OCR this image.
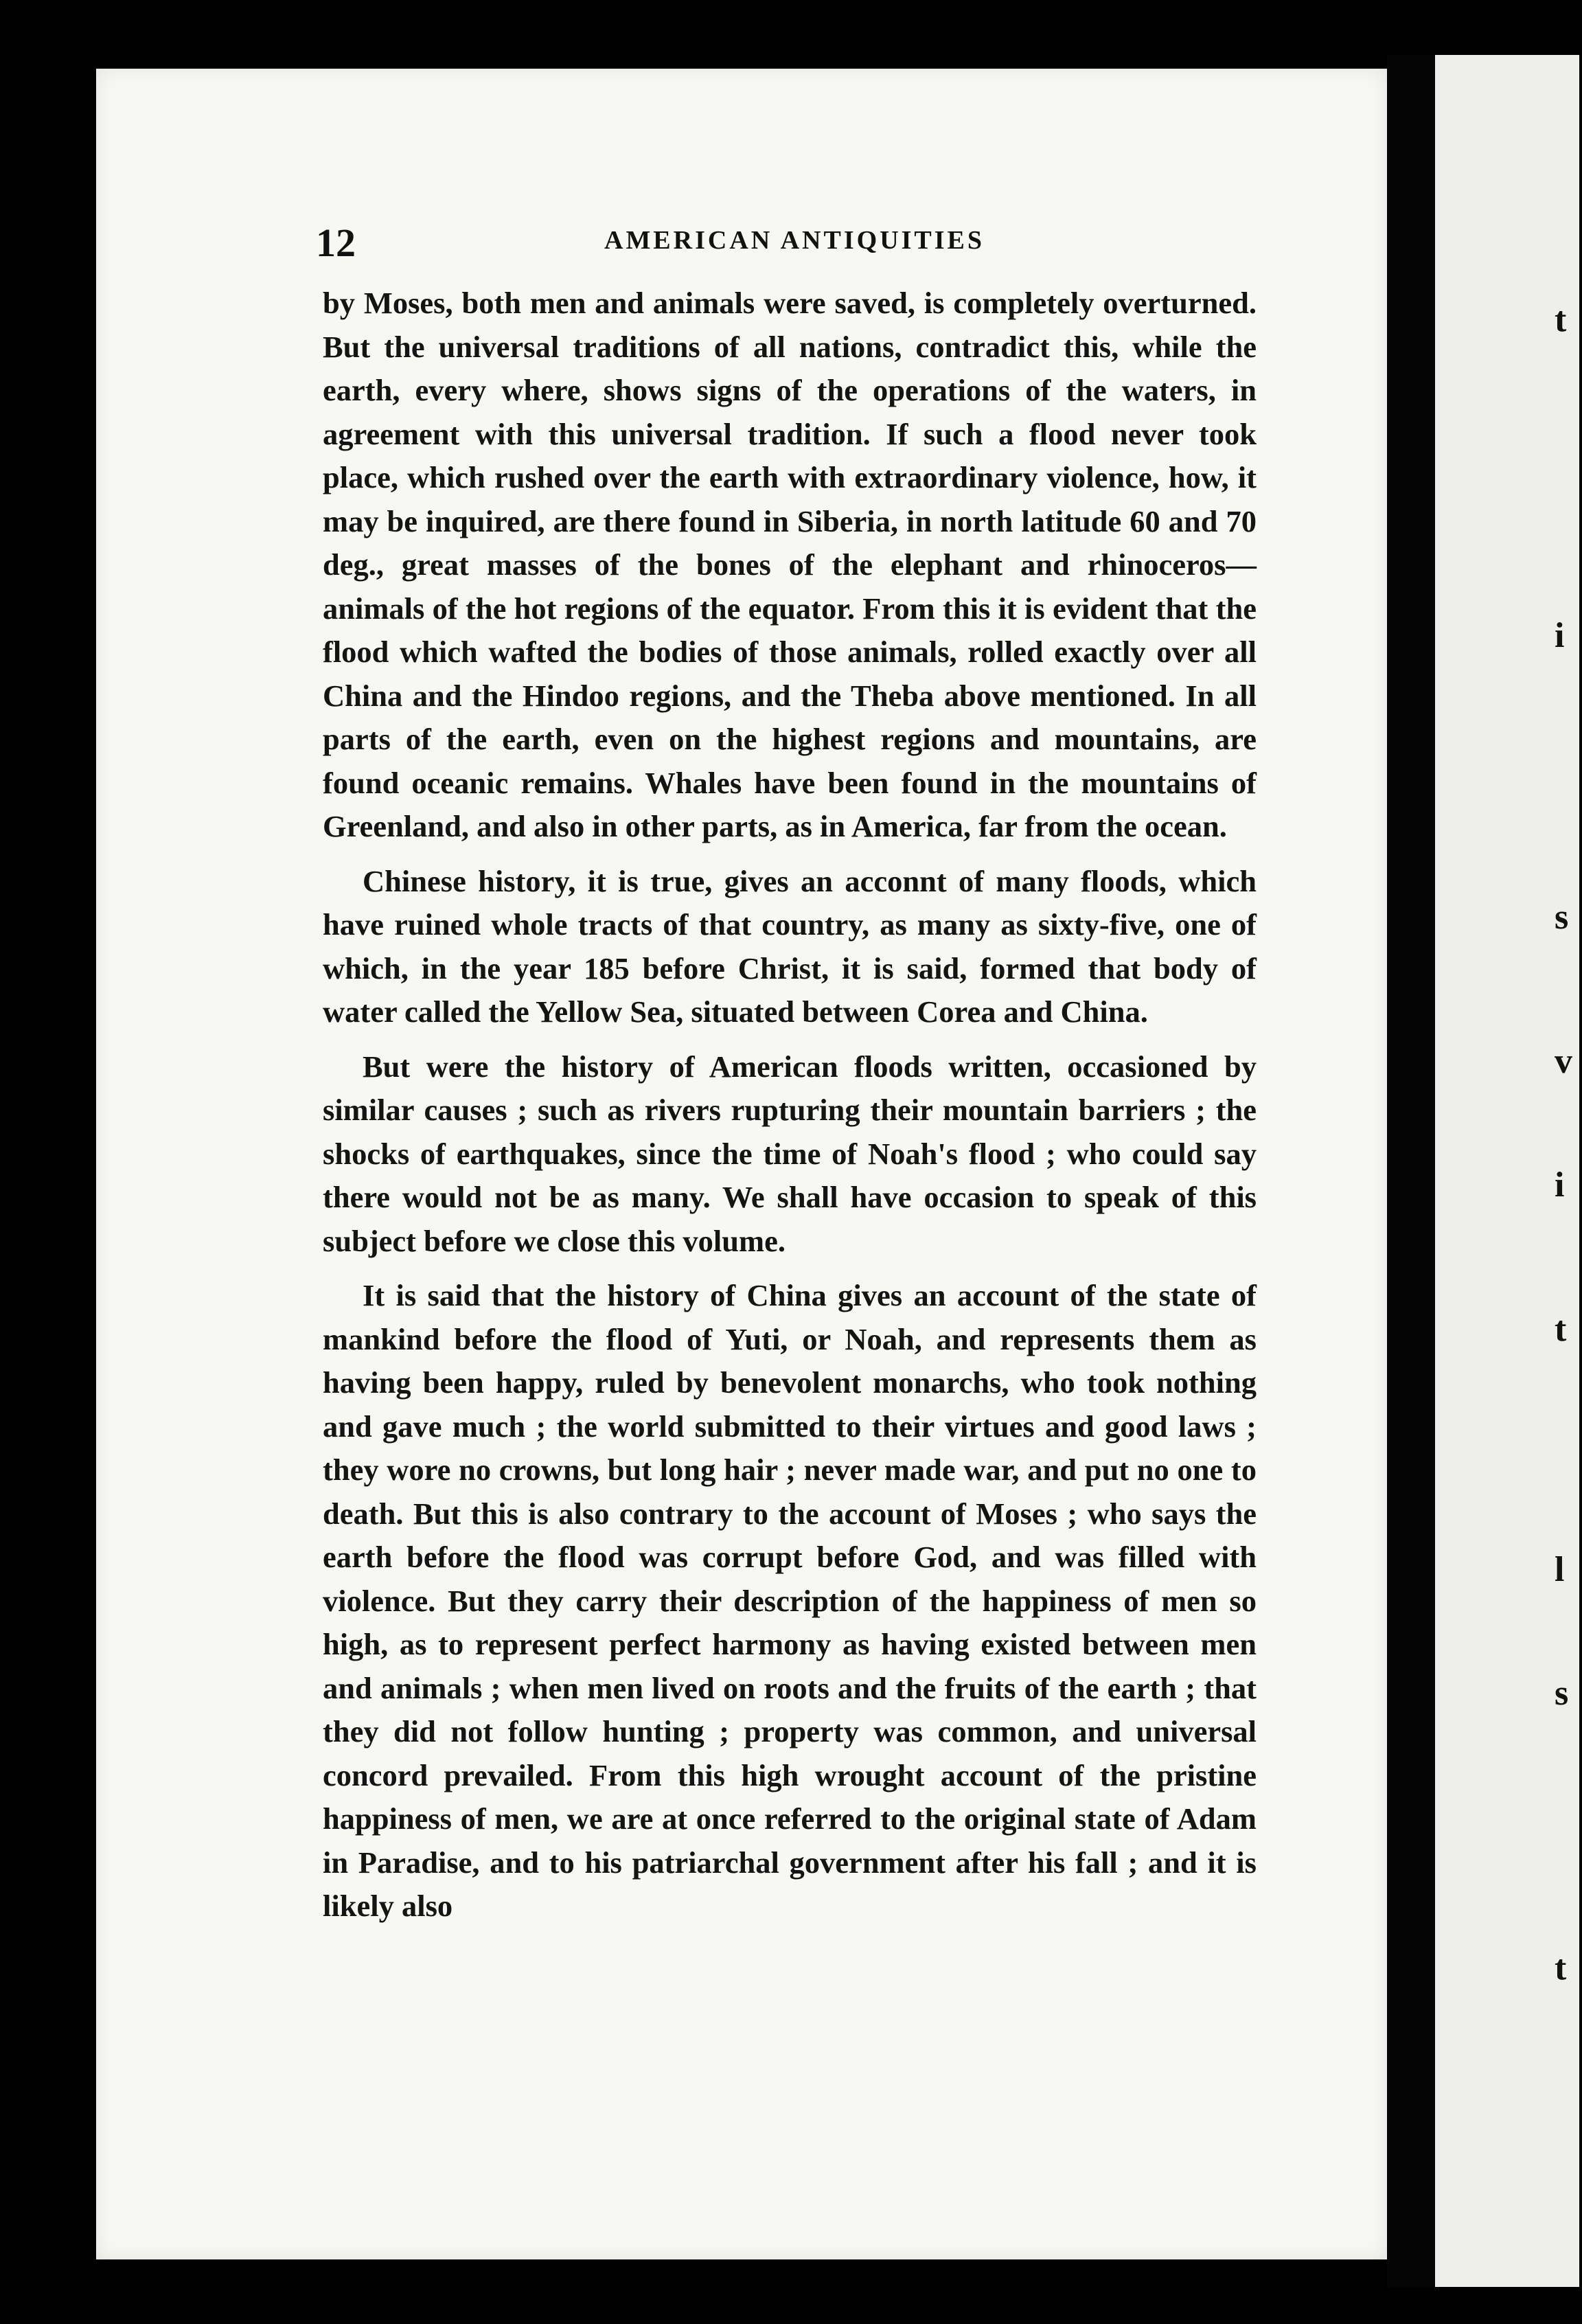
t
i
s
v
i
t
l
s
t
12	AMERICAN ANTIQUITIES

by Moses, both men and animals were saved, is completely overturned. But the universal traditions of all nations, contradict this, while the earth, every where, shows signs of the operations of the waters, in agreement with this universal tradition. If such a flood never took place, which rushed over the earth with extraordinary violence, how, it may be inquired, are there found in Siberia, in north latitude 60 and 70 deg., great masses of the bones of the elephant and rhinoceros—animals of the hot regions of the equator. From this it is evident that the flood which wafted the bodies of those animals, rolled exactly over all China and the Hindoo regions, and the Theba above mentioned. In all parts of the earth, even on the highest regions and mountains, are found oceanic remains. Whales have been found in the mountains of Greenland, and also in other parts, as in America, far from the ocean.

Chinese history, it is true, gives an acconnt of many floods, which have ruined whole tracts of that country, as many as sixty-five, one of which, in the year 185 before Christ, it is said, formed that body of water called the Yellow Sea, situated between Corea and China.

But were the history of American floods written, occasioned by similar causes ; such as rivers rupturing their mountain barriers ; the shocks of earthquakes, since the time of Noah's flood ; who could say there would not be as many. We shall have occasion to speak of this subject before we close this volume.

It is said that the history of China gives an account of the state of mankind before the flood of Yuti, or Noah, and represents them as having been happy, ruled by benevolent monarchs, who took nothing and gave much ; the world submitted to their virtues and good laws ; they wore no crowns, but long hair ; never made war, and put no one to death. But this is also contrary to the account of Moses ; who says the earth before the flood was corrupt before God, and was filled with violence. But they carry their description of the happiness of men so high, as to represent perfect harmony as having existed between men and animals ; when men lived on roots and the fruits of the earth ; that they did not follow hunting ; property was common, and universal concord prevailed. From this high wrought account of the pristine happiness of men, we are at once referred to the original state of Adam in Paradise, and to his patriarchal government after his fall ; and it is likely also
